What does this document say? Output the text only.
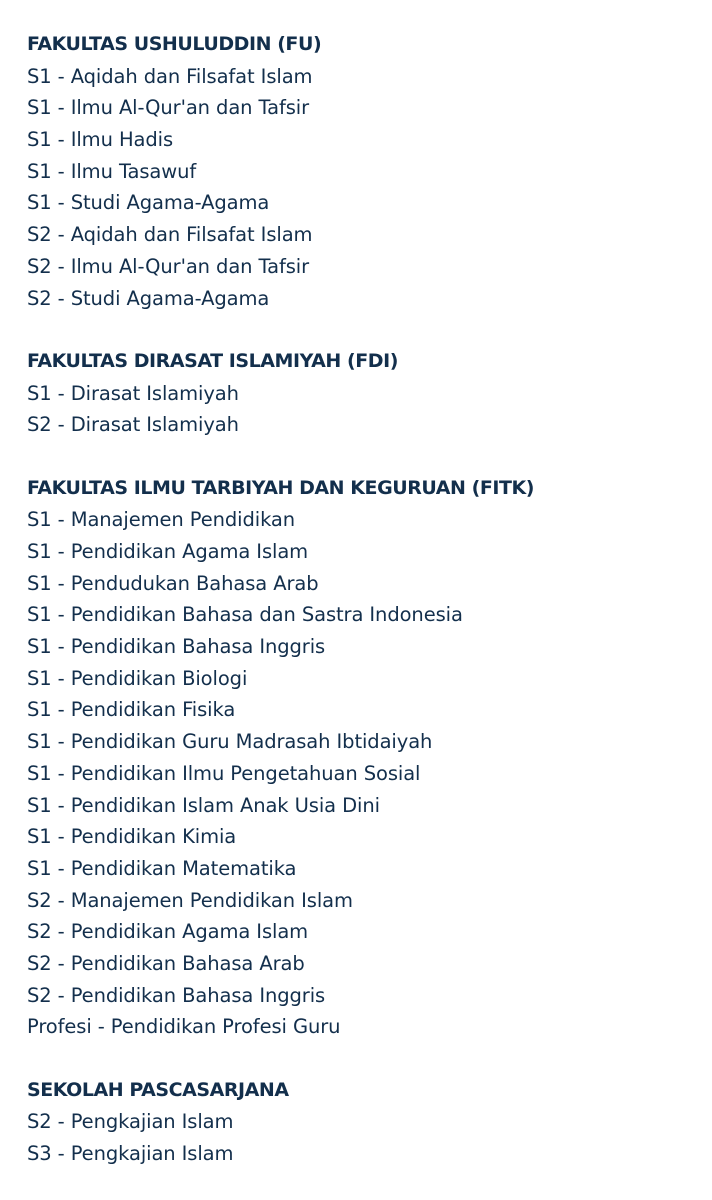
FAKULTAS USHULUDDIN (FU)
S1 - Aqidah dan Filsafat Islam
S1 - Ilmu Al-Qur'an dan Tafsir
S1 - Ilmu Hadis
S1 - Ilmu Tasawuf
S1 - Studi Agama-Agama
S2 - Aqidah dan Filsafat Islam
S2 - Ilmu Al-Qur'an dan Tafsir
S2 - Studi Agama-Agama
FAKULTAS DIRASAT ISLAMIYAH (FDI)
S1 - Dirasat Islamiyah
S2 - Dirasat Islamiyah
FAKULTAS ILMU TARBIYAH DAN KEGURUAN (FITK)
S1 - Manajemen Pendidikan
S1 - Pendidikan Agama Islam
S1 - Pendudukan Bahasa Arab
S1 - Pendidikan Bahasa dan Sastra Indonesia
S1 - Pendidikan Bahasa Inggris
S1 - Pendidikan Biologi
S1 - Pendidikan Fisika
S1 - Pendidikan Guru Madrasah Ibtidaiyah
S1 - Pendidikan Ilmu Pengetahuan Sosial
S1 - Pendidikan Islam Anak Usia Dini
S1 - Pendidikan Kimia
S1 - Pendidikan Matematika
S2 - Manajemen Pendidikan Islam
S2 - Pendidikan Agama Islam
S2 - Pendidikan Bahasa Arab
S2 - Pendidikan Bahasa Inggris
Profesi - Pendidikan Profesi Guru
SEKOLAH PASCASARJANA
S2 - Pengkajian Islam
S3 - Pengkajian Islam
